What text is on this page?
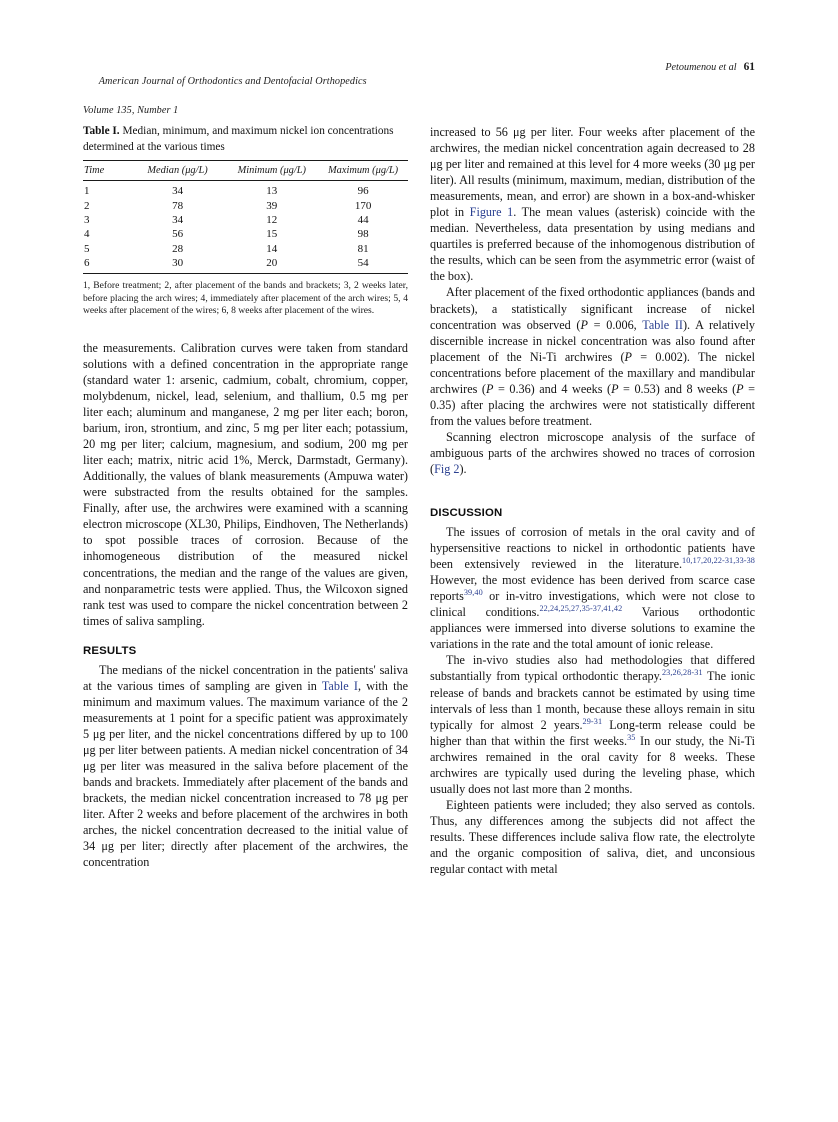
American Journal of Orthodontics and Dentofacial Orthopedics

Volume 135, Number 1

Petoumenou et al 61
Table I. Median, minimum, and maximum nickel ion concentrations determined at the various times
Time	Median (μg/L)	Minimum (μg/L)	Maximum (μg/L)
1	34	13	96
2	78	39	170
3	34	12	44
4	56	15	98
5	28	14	81
6	30	20	54
1, Before treatment; 2, after placement of the bands and brackets; 3, 2 weeks later, before placing the arch wires; 4, immediately after placement of the arch wires; 5, 4 weeks after placement of the wires; 6, 8 weeks after placement of the wires.

the measurements. Calibration curves were taken from standard solutions with a defined concentration in the appropriate range (standard water 1: arsenic, cadmium, cobalt, chromium, copper, molybdenum, nickel, lead, selenium, and thallium, 0.5 mg per liter each; aluminum and manganese, 2 mg per liter each; boron, barium, iron, strontium, and zinc, 5 mg per liter each; potassium, 20 mg per liter; calcium, magnesium, and sodium, 200 mg per liter each; matrix, nitric acid 1%, Merck, Darmstadt, Germany). Additionally, the values of blank measurements (Ampuwa water) were substracted from the results obtained for the samples. Finally, after use, the archwires were examined with a scanning electron microscope (XL30, Philips, Eindhoven, The Netherlands) to spot possible traces of corrosion. Because of the inhomogeneous distribution of the measured nickel concentrations, the median and the range of the values are given, and nonparametric tests were applied. Thus, the Wilcoxon signed rank test was used to compare the nickel concentration between 2 times of saliva sampling.

RESULTS

The medians of the nickel concentration in the patients' saliva at the various times of sampling are given in Table I, with the minimum and maximum values. The maximum variance of the 2 measurements at 1 point for a specific patient was approximately 5 μg per liter, and the nickel concentrations differed by up to 100 μg per liter between patients. A median nickel concentration of 34 μg per liter was measured in the saliva before placement of the bands and brackets. Immediately after placement of the bands and brackets, the median nickel concentration increased to 78 μg per liter. After 2 weeks and before placement of the archwires in both arches, the nickel concentration decreased to the initial value of 34 μg per liter; directly after placement of the archwires, the concentration

increased to 56 μg per liter. Four weeks after placement of the archwires, the median nickel concentration again decreased to 28 μg per liter and remained at this level for 4 more weeks (30 μg per liter). All results (minimum, maximum, median, distribution of the measurements, mean, and error) are shown in a box-and-whisker plot in Figure 1. The mean values (asterisk) coincide with the median. Nevertheless, data presentation by using medians and quartiles is preferred because of the inhomogenous distribution of the results, which can be seen from the asymmetric error (waist of the box).

After placement of the fixed orthodontic appliances (bands and brackets), a statistically significant increase of nickel concentration was observed (P = 0.006, Table II). A relatively discernible increase in nickel concentration was also found after placement of the Ni-Ti archwires (P = 0.002). The nickel concentrations before placement of the maxillary and mandibular archwires (P = 0.36) and 4 weeks (P = 0.53) and 8 weeks (P = 0.35) after placing the archwires were not statistically different from the values before treatment.

Scanning electron microscope analysis of the surface of ambiguous parts of the archwires showed no traces of corrosion (Fig 2).

DISCUSSION

The issues of corrosion of metals in the oral cavity and of hypersensitive reactions to nickel in orthodontic patients have been extensively reviewed in the literature.$^{10,17,20,22-31,33-38}$ However, the most evidence has been derived from scarce case reports$^{39,40}$ or in-vitro investigations, which were not close to clinical conditions.$^{22,24,25,27,35-37,41,42}$ Various orthodontic appliances were immersed into diverse solutions to examine the variations in the rate and the total amount of ionic release.

The in-vivo studies also had methodologies that differed substantially from typical orthodontic therapy.$^{23,26,28-31}$ The ionic release of bands and brackets cannot be estimated by using time intervals of less than 1 month, because these alloys remain in situ typically for almost 2 years.$^{29-31}$ Long-term release could be higher than that within the first weeks.$^{35}$ In our study, the Ni-Ti archwires remained in the oral cavity for 8 weeks. These archwires are typically used during the leveling phase, which usually does not last more than 2 months.

Eighteen patients were included; they also served as contols. Thus, any differences among the subjects did not affect the results. These differences include saliva flow rate, the electrolyte and the organic composition of saliva, diet, and unconsious regular contact with metal
